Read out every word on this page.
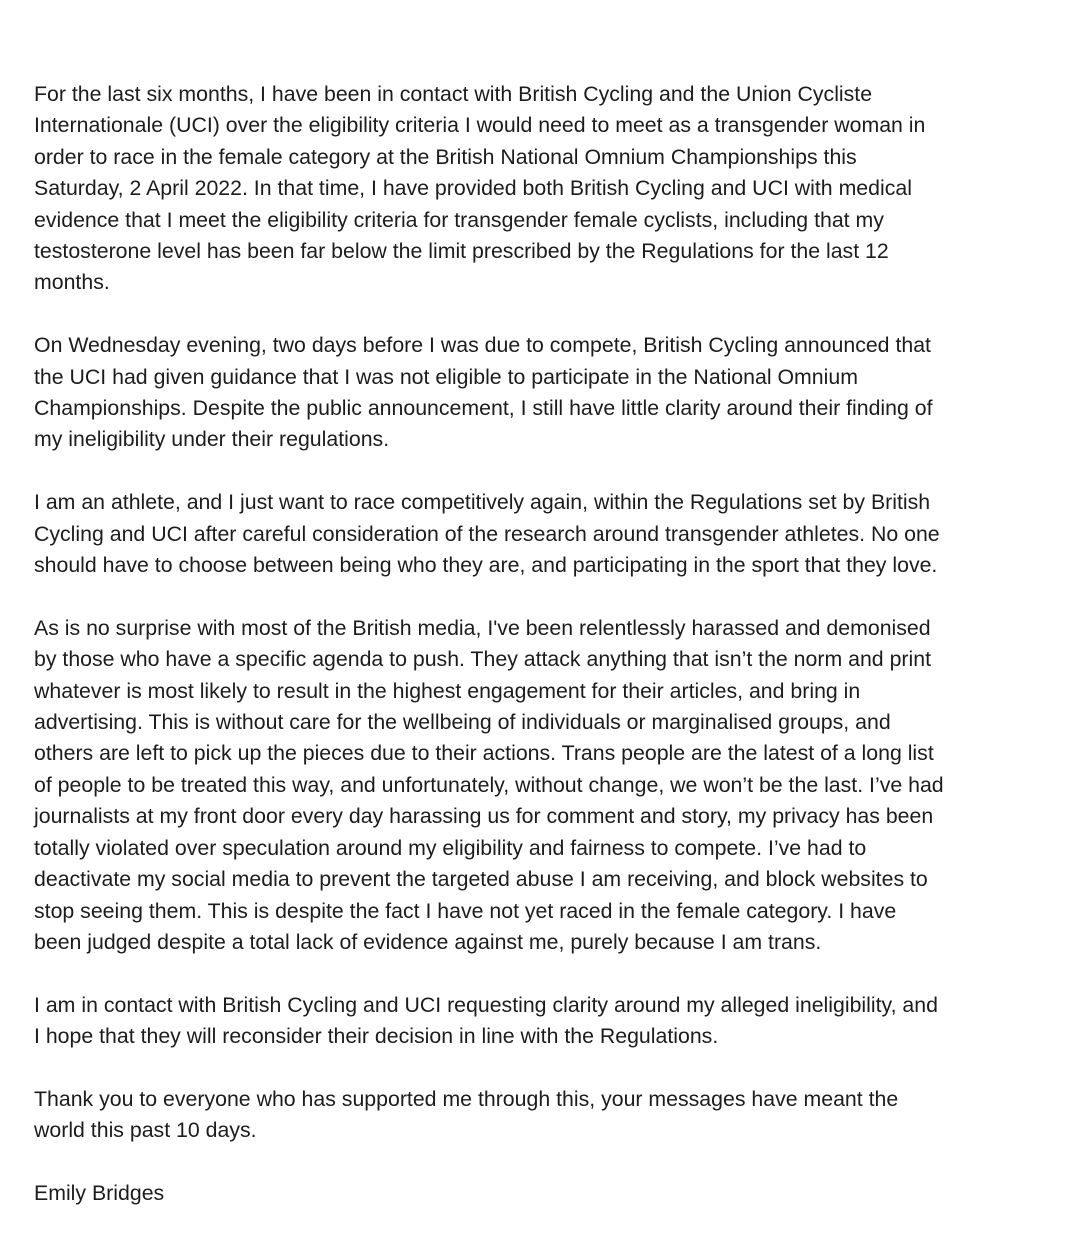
For the last six months, I have been in contact with British Cycling and the Union Cycliste
Internationale (UCI) over the eligibility criteria I would need to meet as a transgender woman in
order to race in the female category at the British National Omnium Championships this
Saturday, 2 April 2022. In that time, I have provided both British Cycling and UCI with medical
evidence that I meet the eligibility criteria for transgender female cyclists, including that my
testosterone level has been far below the limit prescribed by the Regulations for the last 12
months.

On Wednesday evening, two days before I was due to compete, British Cycling announced that
the UCI had given guidance that I was not eligible to participate in the National Omnium
Championships. Despite the public announcement, I still have little clarity around their finding of
my ineligibility under their regulations.

I am an athlete, and I just want to race competitively again, within the Regulations set by British
Cycling and UCI after careful consideration of the research around transgender athletes. No one
should have to choose between being who they are, and participating in the sport that they love.

As is no surprise with most of the British media, I've been relentlessly harassed and demonised
by those who have a specific agenda to push. They attack anything that isn’t the norm and print
whatever is most likely to result in the highest engagement for their articles, and bring in
advertising. This is without care for the wellbeing of individuals or marginalised groups, and
others are left to pick up the pieces due to their actions. Trans people are the latest of a long list
of people to be treated this way, and unfortunately, without change, we won’t be the last. I’ve had
journalists at my front door every day harassing us for comment and story, my privacy has been
totally violated over speculation around my eligibility and fairness to compete. I’ve had to
deactivate my social media to prevent the targeted abuse I am receiving, and block websites to
stop seeing them. This is despite the fact I have not yet raced in the female category. I have
been judged despite a total lack of evidence against me, purely because I am trans.

I am in contact with British Cycling and UCI requesting clarity around my alleged ineligibility, and
I hope that they will reconsider their decision in line with the Regulations.

Thank you to everyone who has supported me through this, your messages have meant the
world this past 10 days.

Emily Bridges
